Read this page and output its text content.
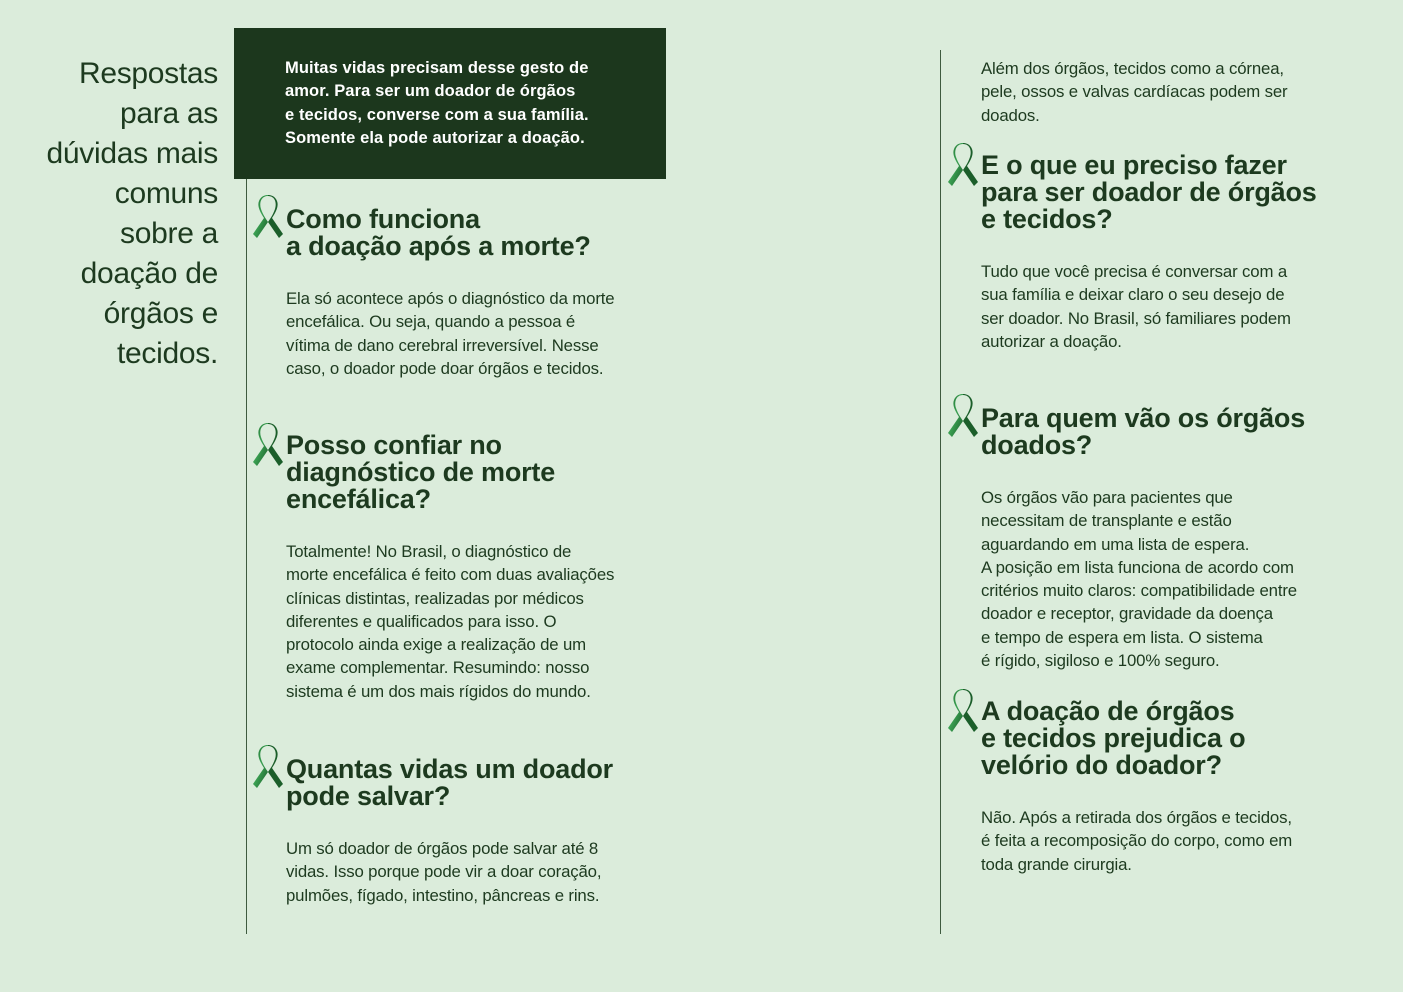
Respostas
para as
dúvidas mais
comuns
sobre a
doação de
órgãos e
tecidos.

Muitas vidas precisam desse gesto de
amor. Para ser um doador de órgãos
e tecidos, converse com a sua família.
Somente ela pode autorizar a doação.

Como funciona
a doação após a morte?

Ela só acontece após o diagnóstico da morte
encefálica. Ou seja, quando a pessoa é
vítima de dano cerebral irreversível. Nesse
caso, o doador pode doar órgãos e tecidos.

Posso confiar no
diagnóstico de morte
encefálica?

Totalmente! No Brasil, o diagnóstico de
morte encefálica é feito com duas avaliações
clínicas distintas, realizadas por médicos
diferentes e qualificados para isso. O
protocolo ainda exige a realização de um
exame complementar. Resumindo: nosso
sistema é um dos mais rígidos do mundo.

Quantas vidas um doador
pode salvar?

Um só doador de órgãos pode salvar até 8
vidas. Isso porque pode vir a doar coração,
pulmões, fígado, intestino, pâncreas e rins.

Além dos órgãos, tecidos como a córnea,
pele, ossos e valvas cardíacas podem ser
doados.

E o que eu preciso fazer
para ser doador de órgãos
e tecidos?

Tudo que você precisa é conversar com a
sua família e deixar claro o seu desejo de
ser doador. No Brasil, só familiares podem
autorizar a doação.

Para quem vão os órgãos
doados?

Os órgãos vão para pacientes que
necessitam de transplante e estão
aguardando em uma lista de espera.
A posição em lista funciona de acordo com
critérios muito claros: compatibilidade entre
doador e receptor, gravidade da doença
e tempo de espera em lista. O sistema
é rígido, sigiloso e 100% seguro.

A doação de órgãos
e tecidos prejudica o
velório do doador?

Não. Após a retirada dos órgãos e tecidos,
é feita a recomposição do corpo, como em
toda grande cirurgia.
